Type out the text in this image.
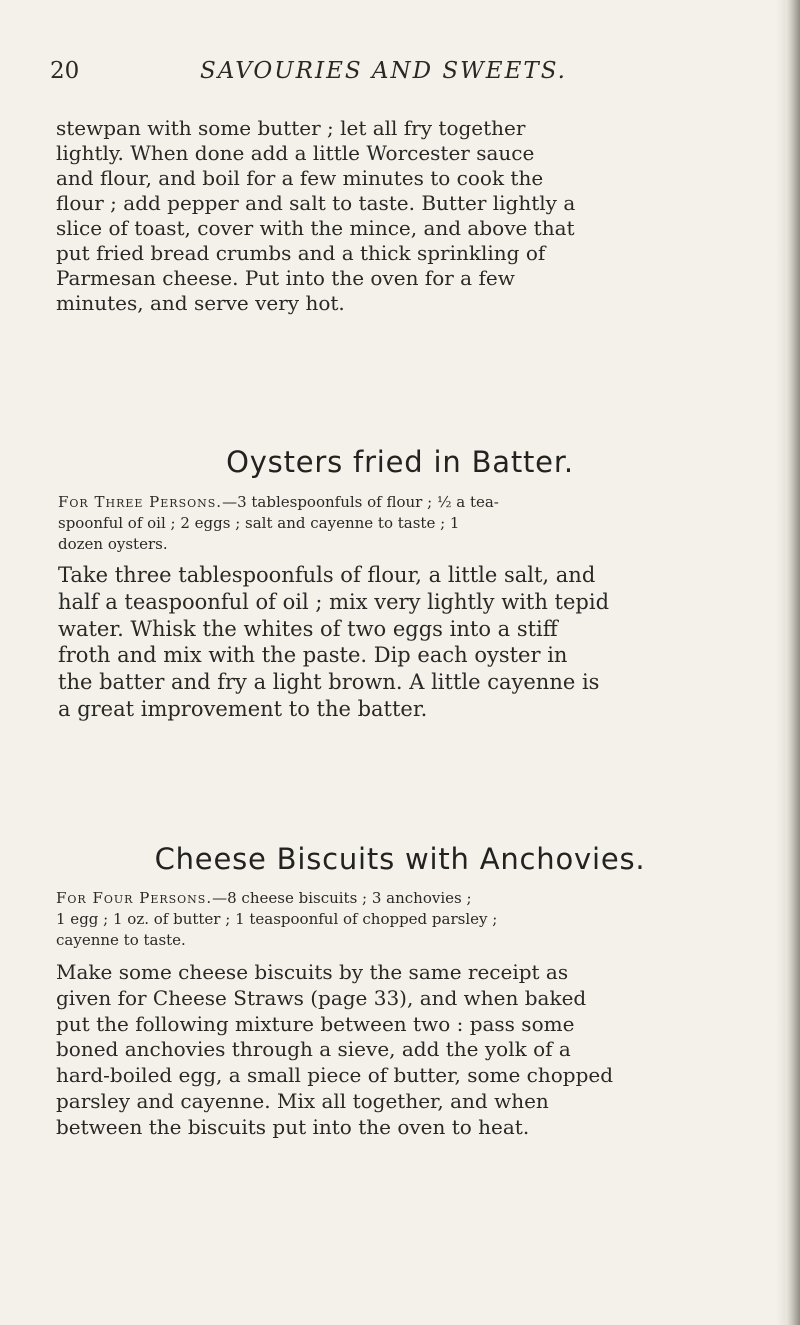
20	SAVOURIES AND SWEETS.
stewpan with some butter ; let all fry together
lightly. When done add a little Worcester sauce
and flour, and boil for a few minutes to cook the
flour ; add pepper and salt to taste. Butter lightly a
slice of toast, cover with the mince, and above that
put fried bread crumbs and a thick sprinkling of
Parmesan cheese. Put into the oven for a few
minutes, and serve very hot.
Oysters fried in Batter.
For Three Persons.—3 tablespoonfuls of flour ; ½ a tea-
spoonful of oil ; 2 eggs ; salt and cayenne to taste ; 1
dozen oysters.
Take three tablespoonfuls of flour, a little salt, and
half a teaspoonful of oil ; mix very lightly with tepid
water. Whisk the whites of two eggs into a stiff
froth and mix with the paste. Dip each oyster in
the batter and fry a light brown. A little cayenne is
a great improvement to the batter.
Cheese Biscuits with Anchovies.
For Four Persons.—8 cheese biscuits ; 3 anchovies ;
1 egg ; 1 oz. of butter ; 1 teaspoonful of chopped parsley ;
cayenne to taste.
Make some cheese biscuits by the same receipt as
given for Cheese Straws (page 33), and when baked
put the following mixture between two : pass some
boned anchovies through a sieve, add the yolk of a
hard-boiled egg, a small piece of butter, some chopped
parsley and cayenne. Mix all together, and when
between the biscuits put into the oven to heat.
